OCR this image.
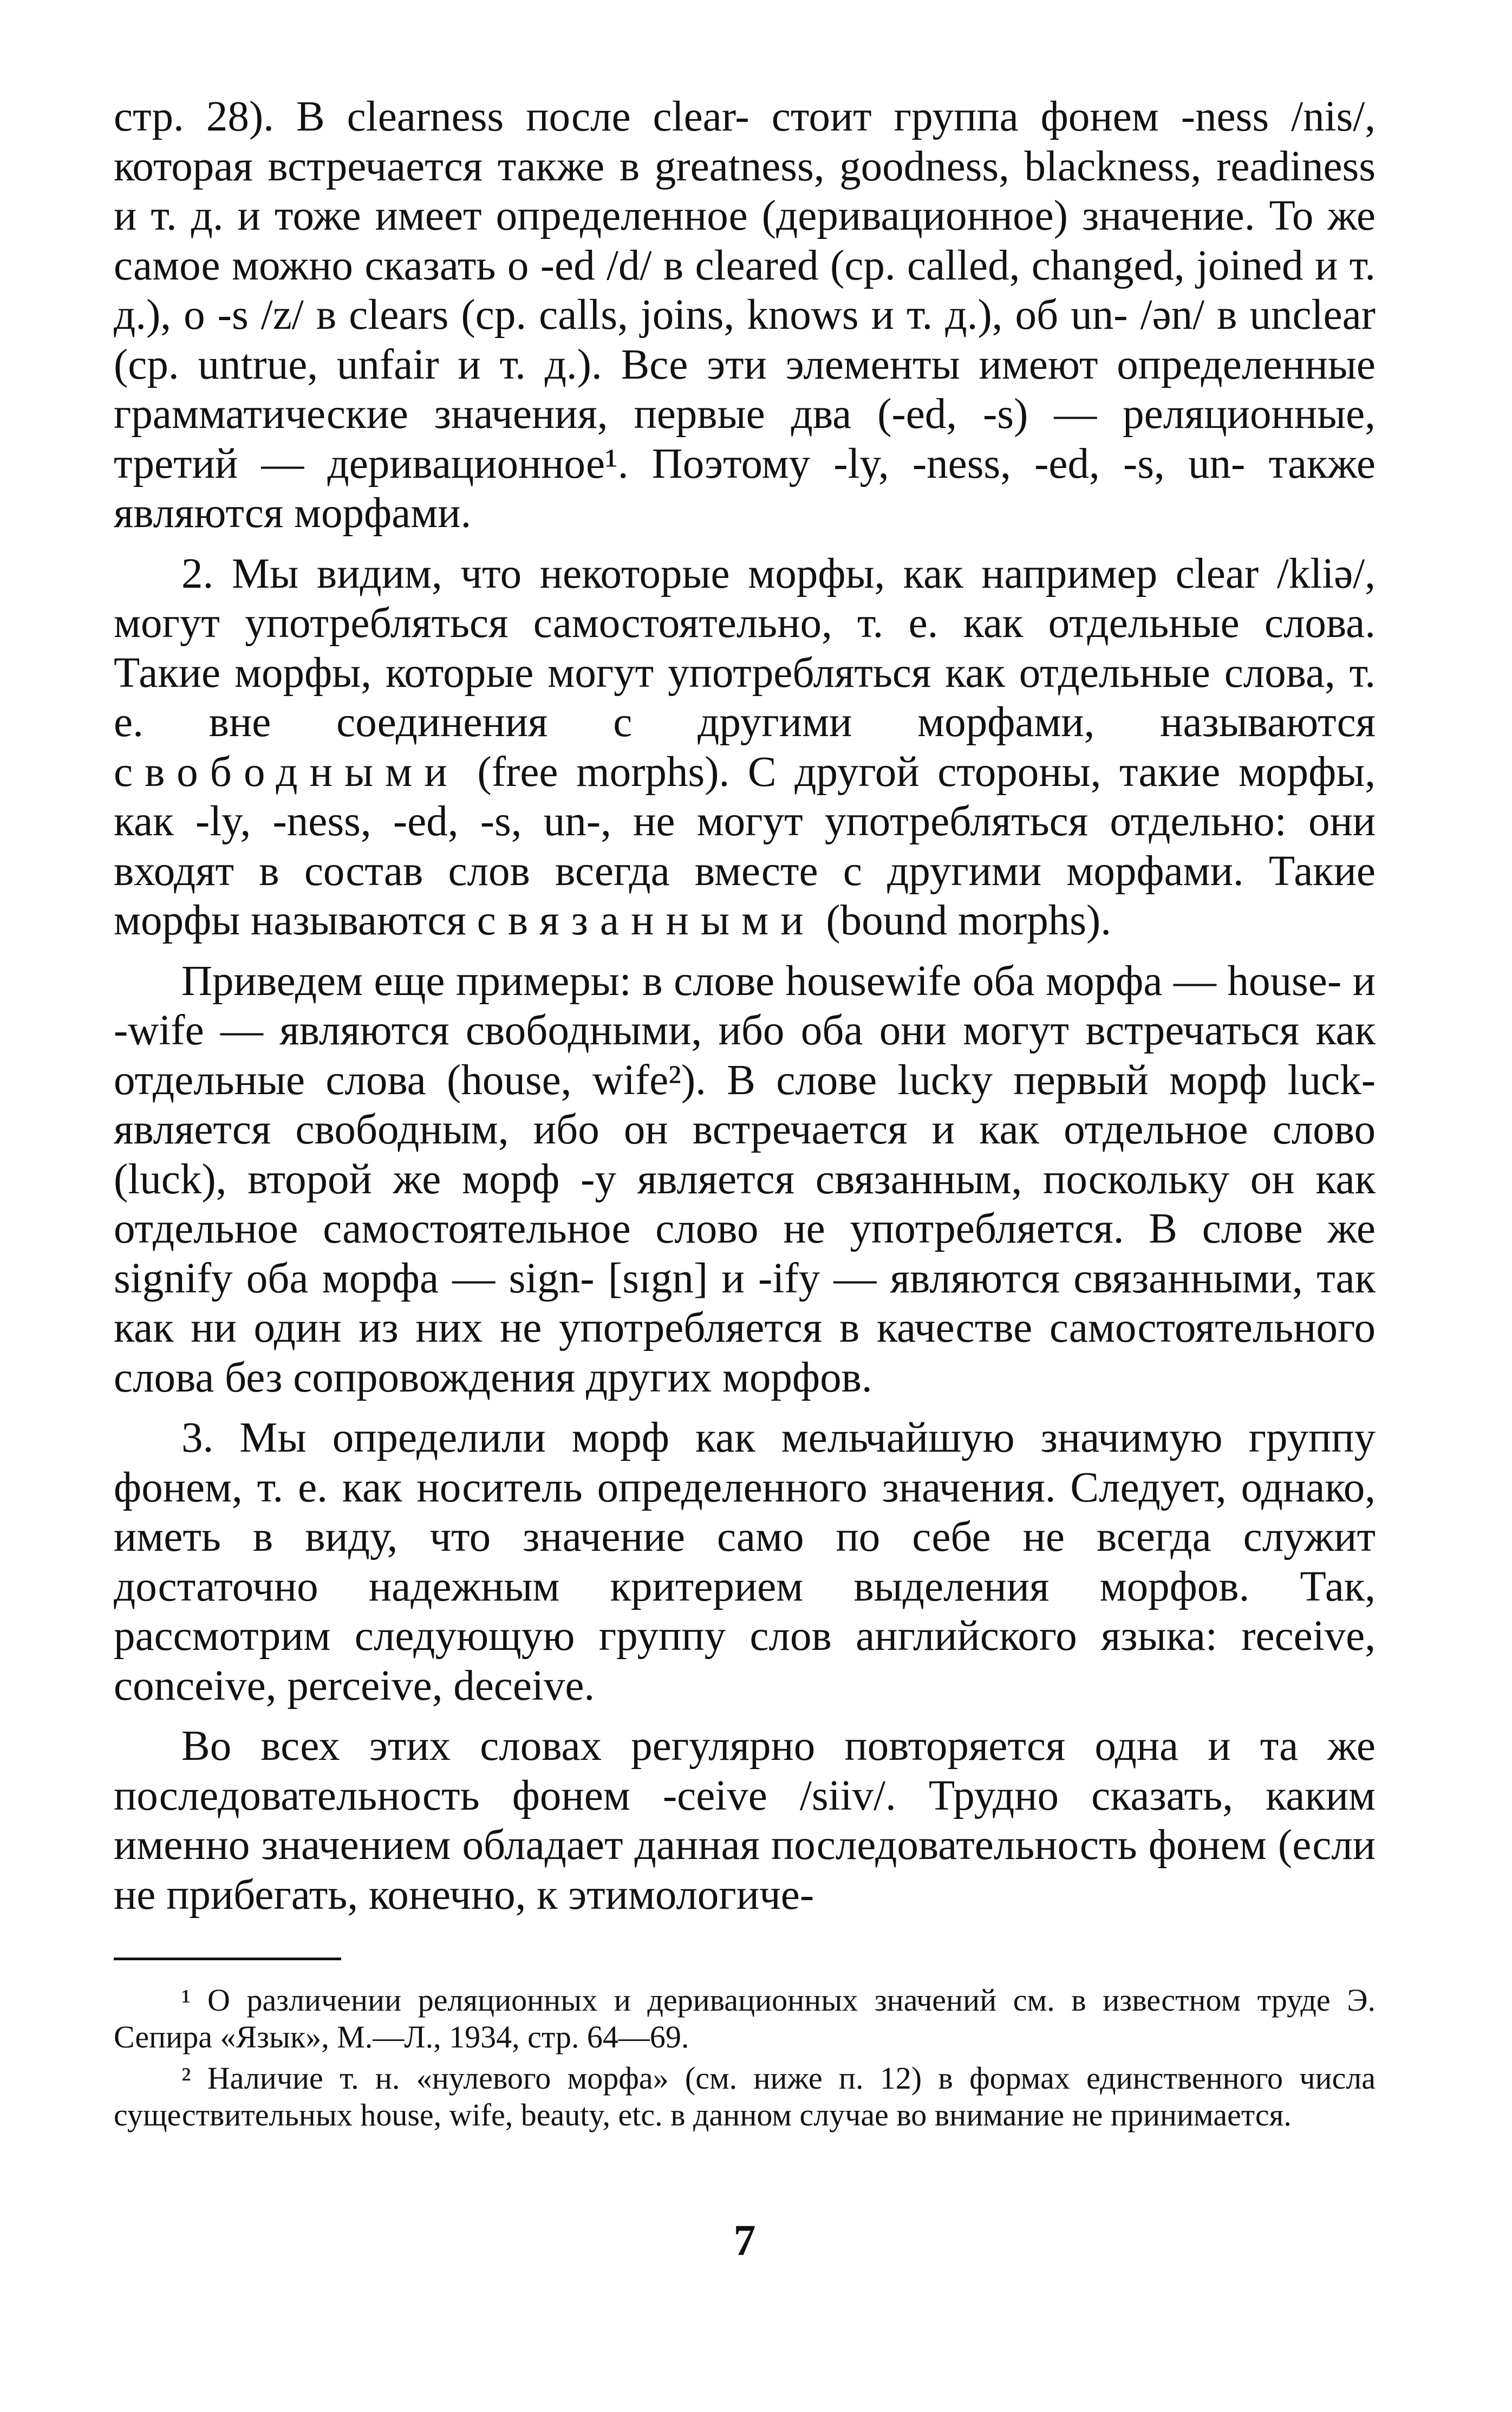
стр. 28). В clearness после clear- стоит группа фонем -ness /nis/, которая встречается также в greatness, goodness, blackness, readiness и т. д. и тоже имеет определенное (деривационное) значение. То же самое можно сказать о -ed /d/ в cleared (ср. called, changed, joined и т. д.), о -s /z/ в clears (ср. calls, joins, knows и т. д.), об un- /ən/ в unclear (ср. untrue, unfair и т. д.). Все эти элементы имеют определенные грамматические значения, первые два (-ed, -s) — реляционные, третий — деривационное¹. Поэтому -ly, -ness, -ed, -s, un- также являются морфами.

2. Мы видим, что некоторые морфы, как например clear /kliə/, могут употребляться самостоятельно, т. е. как отдельные слова. Такие морфы, которые могут употребляться как отдельные слова, т. е. вне соединения с другими морфами, называются свободными (free morphs). С другой стороны, такие морфы, как -ly, -ness, -ed, -s, un-, не могут употребляться отдельно: они входят в состав слов всегда вместе с другими морфами. Такие морфы называются связанными (bound morphs).

Приведем еще примеры: в слове housewife оба морфа — house- и -wife — являются свободными, ибо оба они могут встречаться как отдельные слова (house, wife²). В слове lucky первый морф luck- является свободным, ибо он встречается и как отдельное слово (luck), второй же морф -y является связанным, поскольку он как отдельное самостоятельное слово не употребляется. В слове же signify оба морфа — sign- [sɪgn] и -ify — являются связанными, так как ни один из них не употребляется в качестве самостоятельного слова без сопровождения других морфов.

3. Мы определили морф как мельчайшую значимую группу фонем, т. е. как носитель определенного значения. Следует, однако, иметь в виду, что значение само по себе не всегда служит достаточно надежным критерием выделения морфов. Так, рассмотрим следующую группу слов английского языка: receive, conceive, perceive, deceive.

Во всех этих словах регулярно повторяется одна и та же последовательность фонем -ceive /siiv/. Трудно сказать, каким именно значением обладает данная последовательность фонем (если не прибегать, конечно, к этимологиче-

¹ О различении реляционных и деривационных значений см. в известном труде Э. Сепира «Язык», М.—Л., 1934, стр. 64—69.

² Наличие т. н. «нулевого морфа» (см. ниже п. 12) в формах единственного числа существительных house, wife, beauty, etc. в данном случае во внимание не принимается.

7
